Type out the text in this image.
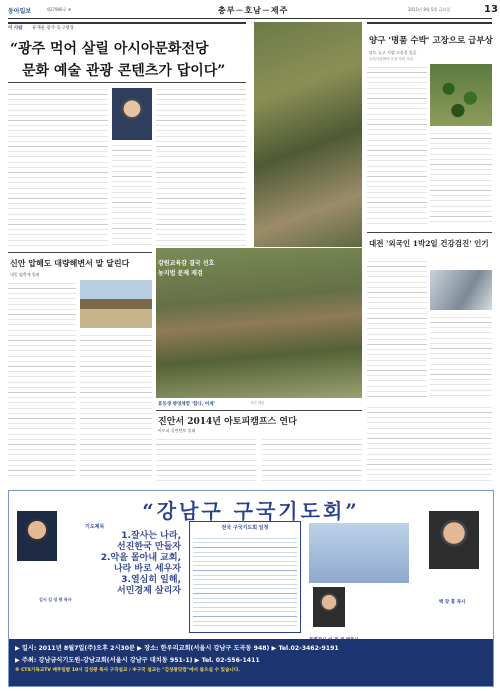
동아일보	제27966호 ④	충부－호남－제주	2011년 8월 5일 금요일	13
이 사람 류재운 광주 동구청장
“광주 먹어 살릴 아시아문화전당
문화 예술 관광 콘텐츠가 답이다”
효동생 병영체험 '힘다, 어제'	사진 제공
양구 '명품 수박' 고장으로 급부상
당도 높고 저렴 고품질 입증
농업기술센터·군청 지원 사업
대전 '외국인 1박2일 건강검진' 인기
신안 압해도 대량해변서 말 달린다
내일 염축제 열려
강원교육감 결국 선호
농지법 문제 재검
진안서 2014년 아토피캠프스 연다
아토피 클린턴트 일대
“강남구 구국기도회”
김시 김 성 광 목사
기도제목
1.잘사는 나라,
선진한국 만들자
2.악을 몰아내 교회,
나라 바로 세우자
3.열심히 일해,
서민경제 살리자
전국 구국기도회 일정
백 장 흠 목사
▶ 일시: 2011년 8월7일(주)오후 2시30분 ▶ 장소: 한우리교회(서울시 강남구 도곡동 948) ▶ Tel.02-3462-9191
▶ 주최: 강남금식기도원-강남교회(서울시 강남구 대치동 951-1) ▶ Tel. 02-556-1411
※ CTS기독교TV 매주일밤 10시 김성광 목사 구국설교 / ※구국 설교는 "김성광닷컴"에서 들으실 수 있습니다.
